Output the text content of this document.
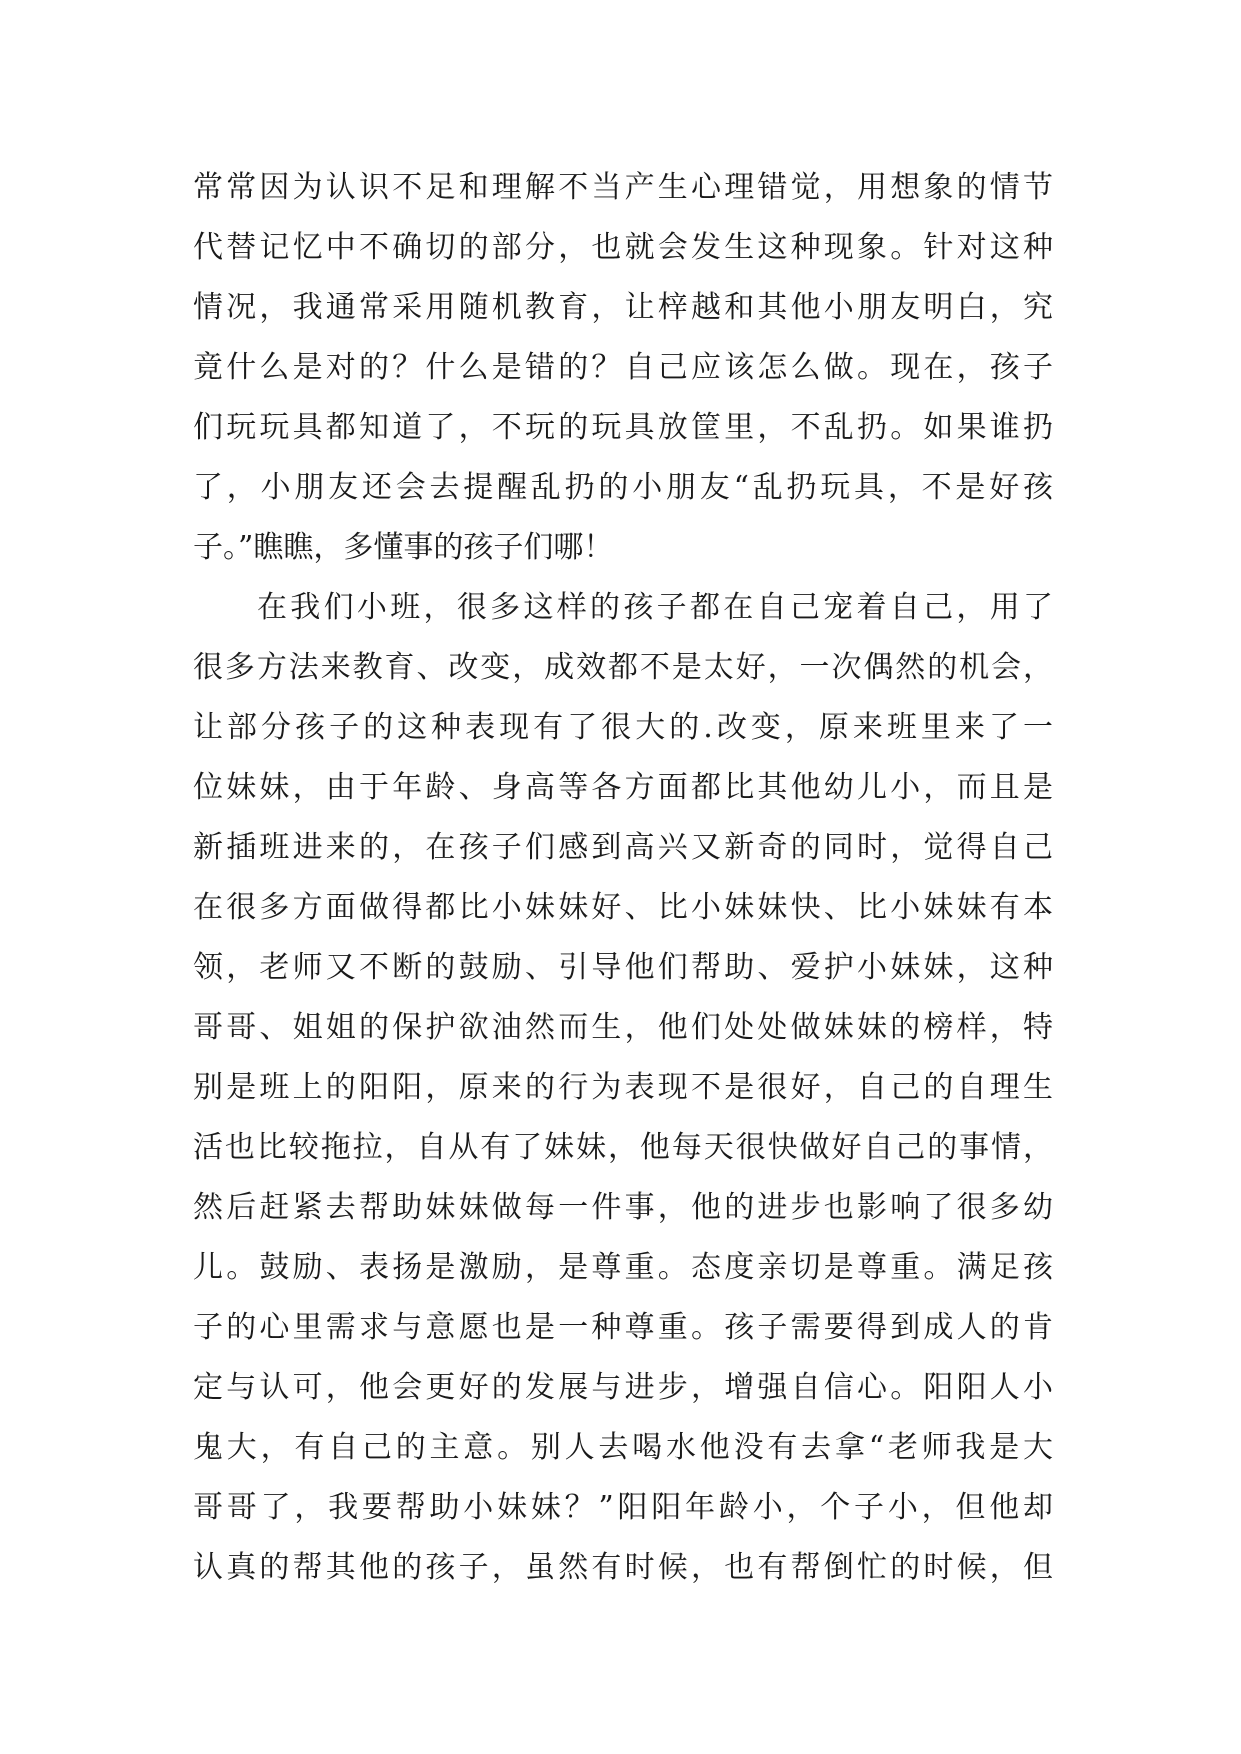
常常因为认识不足和理解不当产生心理错觉，用想象的情节
代替记忆中不确切的部分，也就会发生这种现象。针对这种
情况，我通常采用随机教育，让梓越和其他小朋友明白，究
竟什么是对的？什么是错的？自己应该怎么做。现在，孩子
们玩玩具都知道了，不玩的玩具放筐里，不乱扔。如果谁扔
了，小朋友还会去提醒乱扔的小朋友“乱扔玩具，不是好孩
子。”瞧瞧，多懂事的孩子们哪！
在我们小班，很多这样的孩子都在自己宠着自己，用了
很多方法来教育、改变，成效都不是太好，一次偶然的机会，
让部分孩子的这种表现有了很大的.改变，原来班里来了一
位妹妹，由于年龄、身高等各方面都比其他幼儿小，而且是
新插班进来的，在孩子们感到高兴又新奇的同时，觉得自己
在很多方面做得都比小妹妹好、比小妹妹快、比小妹妹有本
领，老师又不断的鼓励、引导他们帮助、爱护小妹妹，这种
哥哥、姐姐的保护欲油然而生，他们处处做妹妹的榜样，特
别是班上的阳阳，原来的行为表现不是很好，自己的自理生
活也比较拖拉，自从有了妹妹，他每天很快做好自己的事情，
然后赶紧去帮助妹妹做每一件事，他的进步也影响了很多幼
儿。鼓励、表扬是激励，是尊重。态度亲切是尊重。满足孩
子的心里需求与意愿也是一种尊重。孩子需要得到成人的肯
定与认可，他会更好的发展与进步，增强自信心。阳阳人小
鬼大，有自己的主意。别人去喝水他没有去拿“老师我是大
哥哥了，我要帮助小妹妹？”阳阳年龄小，个子小，但他却
认真的帮其他的孩子，虽然有时候，也有帮倒忙的时候，但
